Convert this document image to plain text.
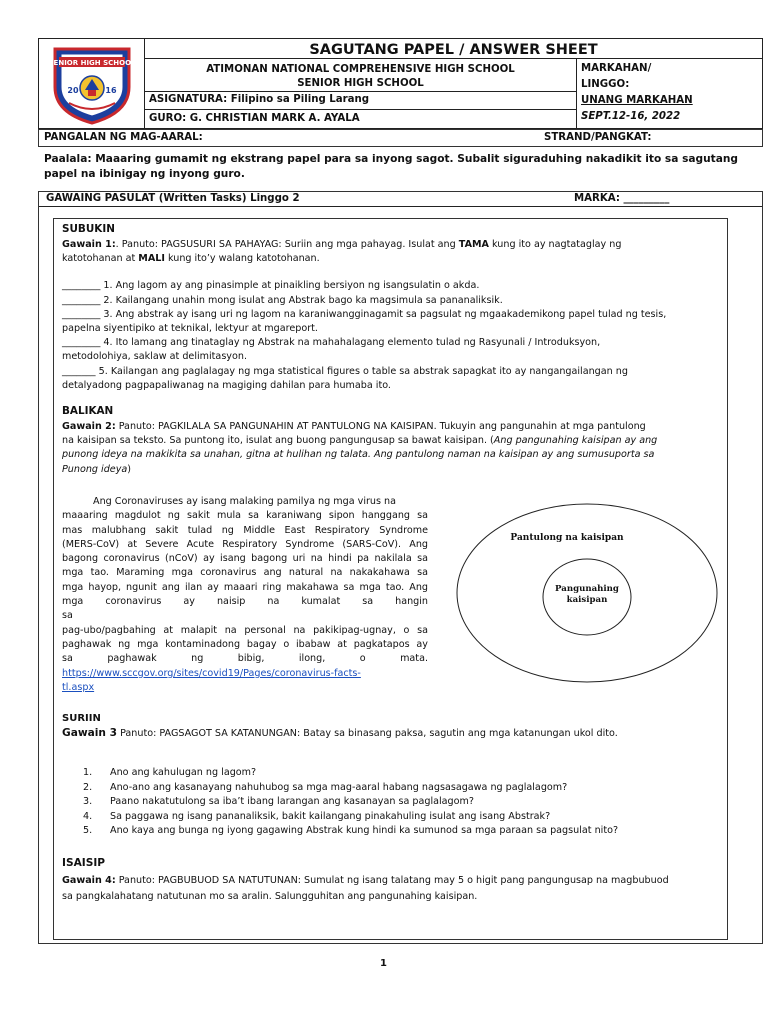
SENIOR HIGH SCHOOL
20	16
SAGUTANG PAPEL / ANSWER SHEET
ATIMONAN NATIONAL COMPREHENSIVE HIGH SCHOOL
SENIOR HIGH SCHOOL
ASIGNATURA: Filipino sa Piling Larang
GURO: G. CHRISTIAN MARK A. AYALA
MARKAHAN/
LINGGO:
UNANG MARKAHAN
SEPT.12-16, 2022
PANGALAN NG MAG-AARAL:	STRAND/PANGKAT:
Paalala: Maaaring gumamit ng ekstrang papel para sa inyong sagot. Subalit siguraduhing nakadikit ito sa sagutang
papel na ibinigay ng inyong guro.
GAWAING PASULAT (Written Tasks) Linggo 2	MARKA: _________
SUBUKIN
Gawain 1:. Panuto: PAGSUSURI SA PAHAYAG: Suriin ang mga pahayag. Isulat ang TAMA kung ito ay nagtataglay ng
katotohanan at MALI kung ito’y walang katotohanan.
________ 1. Ang lagom ay ang pinasimple at pinaikling bersiyon ng isangsulatin o akda.
________ 2. Kailangang unahin mong isulat ang Abstrak bago ka magsimula sa pananaliksik.
________ 3. Ang abstrak ay isang uri ng lagom na karaniwangginagamit sa pagsulat ng mgaakademikong papel tulad ng tesis,
papelna siyentipiko at teknikal, lektyur at mgareport.
________ 4. Ito lamang ang tinataglay ng Abstrak na mahahalagang elemento tulad ng Rasyunali / Introduksyon,
metodolohiya, saklaw at delimitasyon.
_______ 5. Kailangan ang paglalagay ng mga statistical figures o table sa abstrak sapagkat ito ay nangangailangan ng
detalyadong pagpapaliwanag na magiging dahilan para humaba ito.
BALIKAN
Gawain 2: Panuto: PAGKILALA SA PANGUNAHIN AT PANTULONG NA KAISIPAN. Tukuyin ang pangunahin at mga pantulong
na kaisipan sa teksto. Sa puntong ito, isulat ang buong pangungusap sa bawat kaisipan. (Ang pangunahing kaisipan ay ang
punong ideya na makikita sa unahan, gitna at hulihan ng talata. Ang pantulong naman na kaisipan ay ang sumusuporta sa
Punong ideya)
Ang Coronaviruses ay isang malaking pamilya ng mga virus na
maaaring magdulot ng sakit mula sa karaniwang sipon hanggang sa
mas malubhang sakit tulad ng Middle East Respiratory Syndrome
(MERS-CoV) at Severe Acute Respiratory Syndrome (SARS-CoV). Ang
bagong coronavirus (nCoV) ay isang bagong uri na hindi pa nakilala sa
mga tao. Maraming mga coronavirus ang natural na nakakahawa sa
mga hayop, ngunit ang ilan ay maaari ring makahawa sa mga tao. Ang
mga coronavirus ay naisip na kumalat sa hangin sa
pag-ubo/pagbahing at malapit na personal na pakikipag-ugnay, o sa
paghawak ng mga kontaminadong bagay o ibabaw at pagkatapos ay
sa paghawak ng bibig, ilong, o mata.
https://www.sccgov.org/sites/covid19/Pages/coronavirus-facts-
tl.aspx
Pantulong na kaisipan
Pangunahing
kaisipan
SURIIN
Gawain 3 Panuto: PAGSAGOT SA KATANUNGAN: Batay sa binasang paksa, sagutin ang mga katanungan ukol dito.
1. Ano ang kahulugan ng lagom?
2. Ano-ano ang kasanayang nahuhubog sa mga mag-aaral habang nagsasagawa ng paglalagom?
3. Paano nakatutulong sa iba’t ibang larangan ang kasanayan sa paglalagom?
4. Sa paggawa ng isang pananaliksik, bakit kailangang pinakahuling isulat ang isang Abstrak?
5. Ano kaya ang bunga ng iyong gagawing Abstrak kung hindi ka sumunod sa mga paraan sa pagsulat nito?
ISAISIP
Gawain 4: Panuto: PAGBUBUOD SA NATUTUNAN: Sumulat ng isang talatang may 5 o higit pang pangungusap na magbubuod
sa pangkalahatang natutunan mo sa aralin. Salungguhitan ang pangunahing kaisipan.
1
